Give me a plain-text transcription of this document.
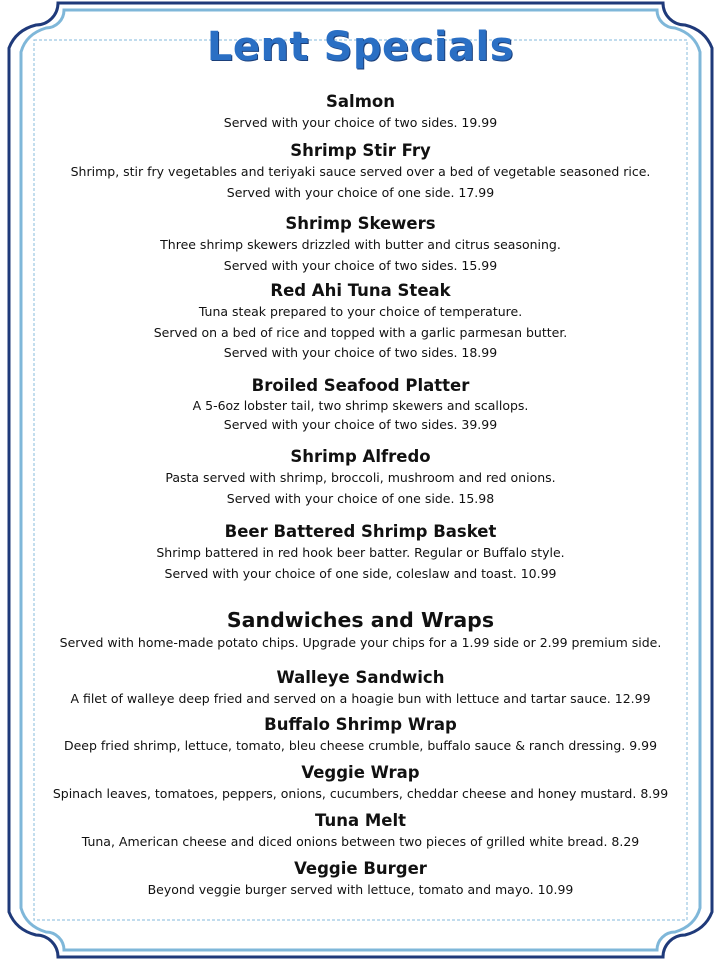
Lent Specials
Salmon
Served with your choice of two sides. 19.99
Shrimp Stir Fry
Shrimp, stir fry vegetables and teriyaki sauce served over a bed of vegetable seasoned rice.
Served with your choice of one side. 17.99
Shrimp Skewers
Three shrimp skewers drizzled with butter and citrus seasoning.
Served with your choice of two sides. 15.99
Red Ahi Tuna Steak
Tuna steak prepared to your choice of temperature.
Served on a bed of rice and topped with a garlic parmesan butter.
Served with your choice of two sides. 18.99
Broiled Seafood Platter
A 5-6oz lobster tail, two shrimp skewers and scallops.
Served with your choice of two sides. 39.99
Shrimp Alfredo
Pasta served with shrimp, broccoli, mushroom and red onions.
Served with your choice of one side. 15.98
Beer Battered Shrimp Basket
Shrimp battered in red hook beer batter. Regular or Buffalo style.
Served with your choice of one side, coleslaw and toast. 10.99
Sandwiches and Wraps
Served with home-made potato chips. Upgrade your chips for a 1.99 side or 2.99 premium side.
Walleye Sandwich
A filet of walleye deep fried and served on a hoagie bun with lettuce and tartar sauce. 12.99
Buffalo Shrimp Wrap
Deep fried shrimp, lettuce, tomato, bleu cheese crumble, buffalo sauce & ranch dressing. 9.99
Veggie Wrap
Spinach leaves, tomatoes, peppers, onions, cucumbers, cheddar cheese and honey mustard. 8.99
Tuna Melt
Tuna, American cheese and diced onions between two pieces of grilled white bread. 8.29
Veggie Burger
Beyond veggie burger served with lettuce, tomato and mayo. 10.99
